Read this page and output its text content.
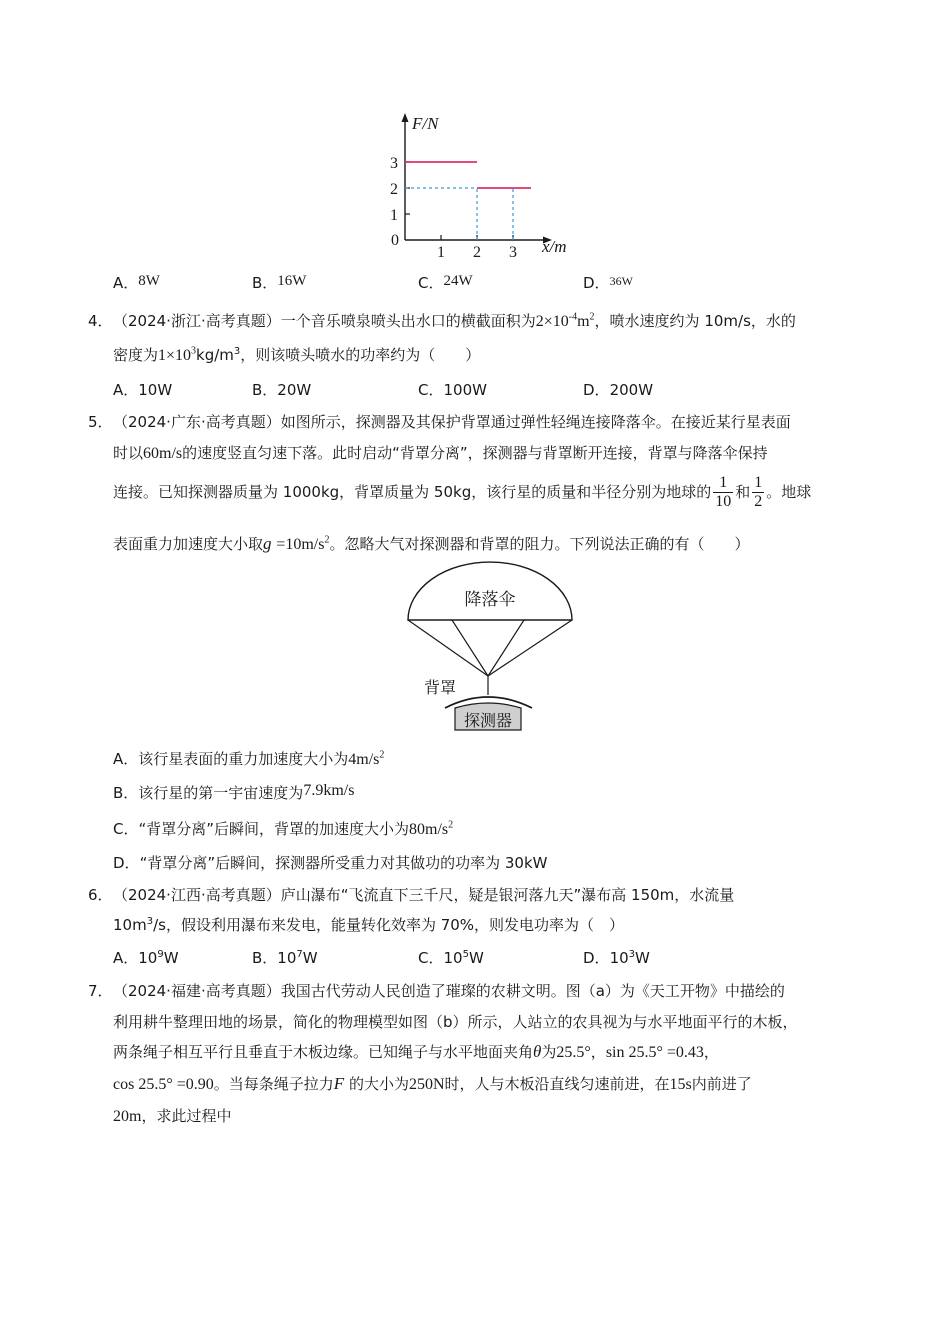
F/N
x/m
0
1
2
3
1 2 3
A．8W	B．16W	C．24W	D．$^{36W}$
4． （2024·浙江·高考真题）一个音乐喷泉喷头出水口的横截面积为$2\times 10^{-4}m^2$，喷水速度约为 10m/s，水的
密度为$1\times 10^3kg/m^3$，则该喷头喷水的功率约为（　　）
A．10W	B．20W	C．100W	D．200W
5． （2024·广东·高考真题）如图所示，探测器及其保护背罩通过弹性轻绳连接降落伞。在接近某行星表面
时以60m/s的速度竖直匀速下落。此时启动“背罩分离”，探测器与背罩断开连接，背罩与降落伞保持
连接。已知探测器质量为 1000kg，背罩质量为 50kg，该行星的质量和半径分别为地球的 $\frac{1}{10}$ 和 $\frac{1}{2}$ 。地球
表面重力加速度大小取$g =10m/s^2$。忽略大气对探测器和背罩的阻力。下列说法正确的有（　　）
降落伞
背罩
探测器
A．该行星表面的重力加速度大小为$4m/s^2$
B．该行星的第一宇宙速度为7.9km/s
C．“背罩分离”后瞬间，背罩的加速度大小为$80m/s^2$
D．“背罩分离”后瞬间，探测器所受重力对其做功的功率为 30kW
6． （2024·江西·高考真题）庐山瀑布“飞流直下三千尺，疑是银河落九天”瀑布高 150m，水流量
$10m^3/s$，假设利用瀑布来发电，能量转化效率为 70%，则发电功率为（　）
A．$10^9W$	B．$10^7W$	C．$10^5W$	D．$10^3W$
7． （2024·福建·高考真题）我国古代劳动人民创造了璀璨的农耕文明。图（a）为《天工开物》中描绘的
利用耕牛整理田地的场景，简化的物理模型如图（b）所示，人站立的农具视为与水平地面平行的木板，
两条绳子相互平行且垂直于木板边缘。已知绳子与水平地面夹角θ为25.5°，sin 25.5° =0.43，
cos 25.5° =0.90。当每条绳子拉力F 的大小为250N时，人与木板沿直线匀速前进，在15s内前进了
20m，求此过程中
